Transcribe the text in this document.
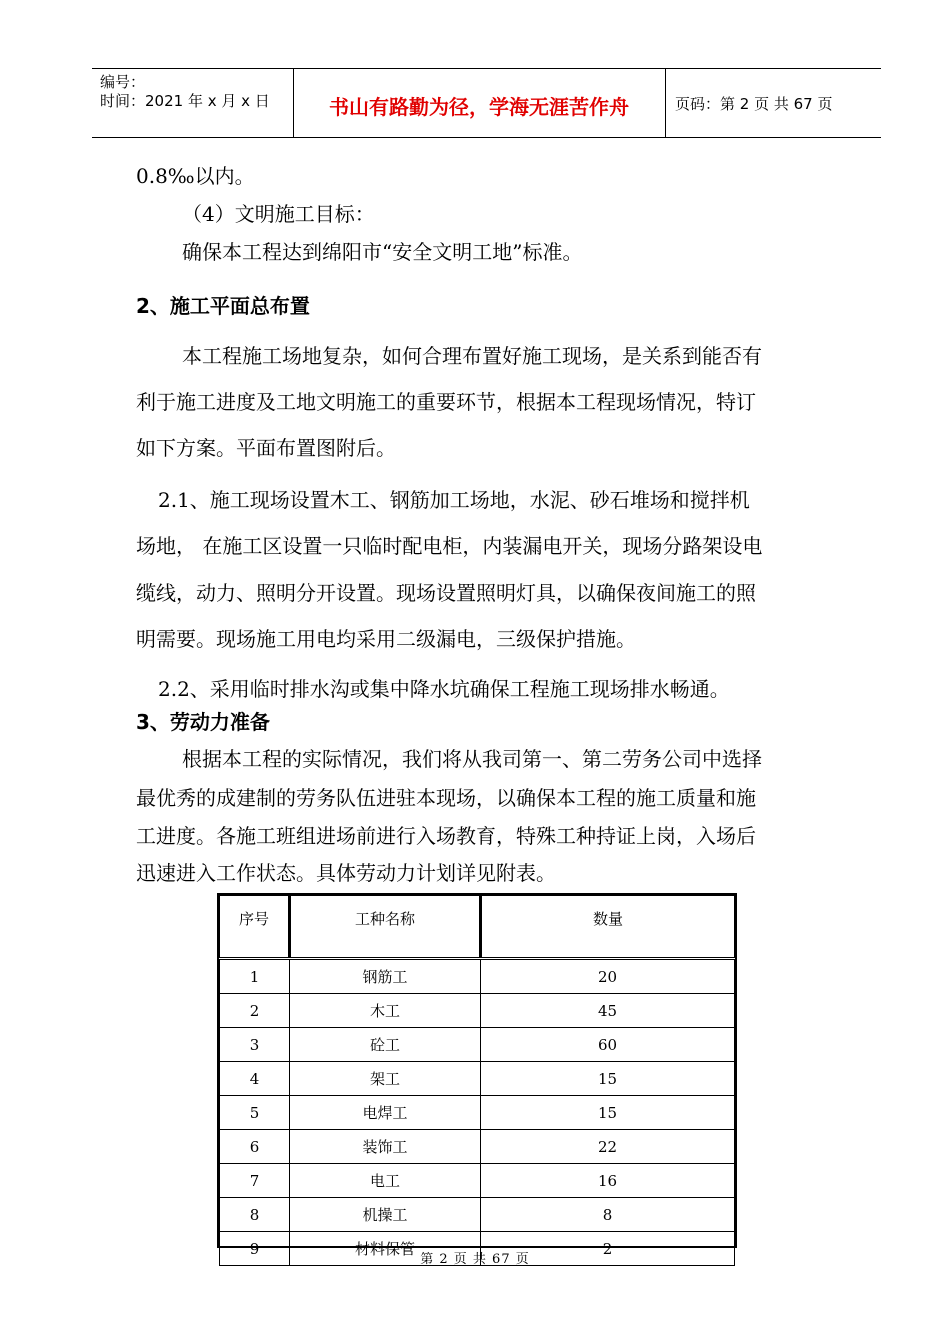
编号：
时间：2021 年 x 月 x 日	书山有路勤为径，学海无涯苦作舟	页码：第 2 页 共 67 页
0.8‰以内。
（4）文明施工目标：
确保本工程达到绵阳市“安全文明工地”标准。
2、施工平面总布置
本工程施工场地复杂，如何合理布置好施工现场，是关系到能否有
利于施工进度及工地文明施工的重要环节，根据本工程现场情况，特订
如下方案。平面布置图附后。
2.1、施工现场设置木工、钢筋加工场地，水泥、砂石堆场和搅拌机
场地， 在施工区设置一只临时配电柜，内装漏电开关，现场分路架设电
缆线，动力、照明分开设置。现场设置照明灯具，以确保夜间施工的照
明需要。现场施工用电均采用二级漏电，三级保护措施。
2.2、采用临时排水沟或集中降水坑确保工程施工现场排水畅通。
3、劳动力准备
根据本工程的实际情况，我们将从我司第一、第二劳务公司中选择
最优秀的成建制的劳务队伍进驻本现场，以确保本工程的施工质量和施
工进度。各施工班组进场前进行入场教育，特殊工种持证上岗，入场后
迅速进入工作状态。具体劳动力计划详见附表。
序号	工种名称	数量
1	钢筋工	20
2	木工	45
3	砼工	60
4	架工	15
5	电焊工	15
6	装饰工	22
7	电工	16
8	机操工	8
9	材料保管	2
第 2 页 共 67 页
